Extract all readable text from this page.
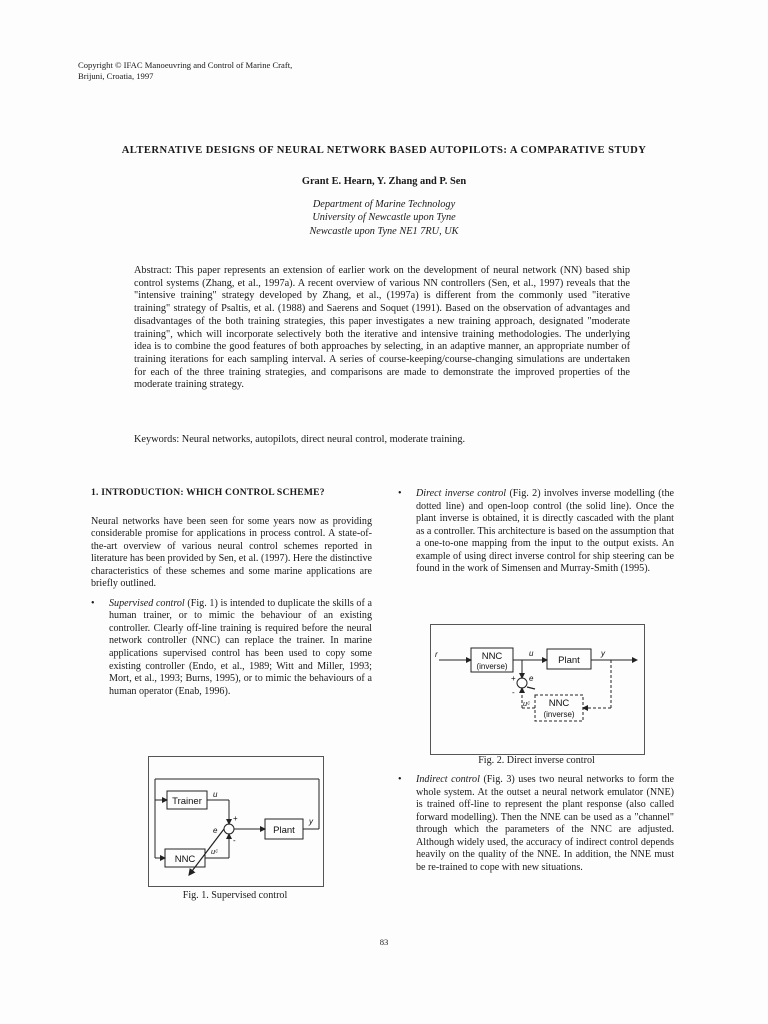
Copyright © IFAC Manoeuvring and Control of Marine Craft,
Brijuni, Croatia, 1997
ALTERNATIVE DESIGNS OF NEURAL NETWORK BASED AUTOPILOTS: A COMPARATIVE STUDY
Grant E. Hearn, Y. Zhang and P. Sen
Department of Marine Technology
University of Newcastle upon Tyne
Newcastle upon Tyne NE1 7RU, UK
Abstract: This paper represents an extension of earlier work on the development of neural network (NN) based ship control systems (Zhang, et al., 1997a). A recent overview of various NN controllers (Sen, et al., 1997) reveals that the "intensive training" strategy developed by Zhang, et al., (1997a) is different from the commonly used "iterative training" strategy of Psaltis, et al. (1988) and Saerens and Soquet (1991). Based on the observation of advantages and disadvantages of the both training strategies, this paper investigates a new training approach, designated "moderate training", which will incorporate selectively both the iterative and intensive training methodologies. The underlying idea is to combine the good features of both approaches by selecting, in an adaptive manner, an appropriate number of training iterations for each sampling interval. A series of course-keeping/course-changing simulations are undertaken for each of the three training strategies, and comparisons are made to demonstrate the improved properties of the moderate training strategy.
Keywords: Neural networks, autopilots, direct neural control, moderate training.
1. INTRODUCTION: WHICH CONTROL SCHEME?

Neural networks have been seen for some years now as providing considerable promise for applications in process control. A state-of-the-art overview of various neural control schemes reported in literature has been provided by Sen, et al. (1997). Here the distinctive characteristics of these schemes and some marine applications are briefly outlined.

• Supervised control (Fig. 1) is intended to duplicate the skills of a human trainer, or to mimic the behaviour of an existing controller. Clearly off-line training is required before the neural network controller (NNC) can replace the trainer. In marine applications supervised control has been used to copy some existing controller (Endo, et al., 1989; Witt and Miller, 1993; Mort, et al., 1993; Burns, 1995), or to mimic the behaviours of a human operator (Enab, 1996).
• Direct inverse control (Fig. 2) involves inverse modelling (the dotted line) and open-loop control (the solid line). Once the plant inverse is obtained, it is directly cascaded with the plant as a controller. This architecture is based on the assumption that a one-to-one mapping from the input to the output exists. An example of using direct inverse control for ship steering can be found in the work of Simensen and Murray-Smith (1995).
• Indirect control (Fig. 3) uses two neural networks to form the whole system. At the outset a neural network emulator (NNE) is trained off-line to represent the plant response (also called forward modelling). Then the NNE can be used as a "channel" through which the parameters of the NNC are adjusted. Although widely used, the accuracy of indirect control depends heavily on the quality of the NNE. In addition, the NNE must be re-trained to cope with new situations.
Trainer
NNC
Plant
u
y
e
uᶜ
+
-
Fig. 1. Supervised control
r	NNC
(inverse)
Plant
u	y
e
uᶜ
+
-
NNC
(inverse)
Fig. 2. Direct inverse control
83
